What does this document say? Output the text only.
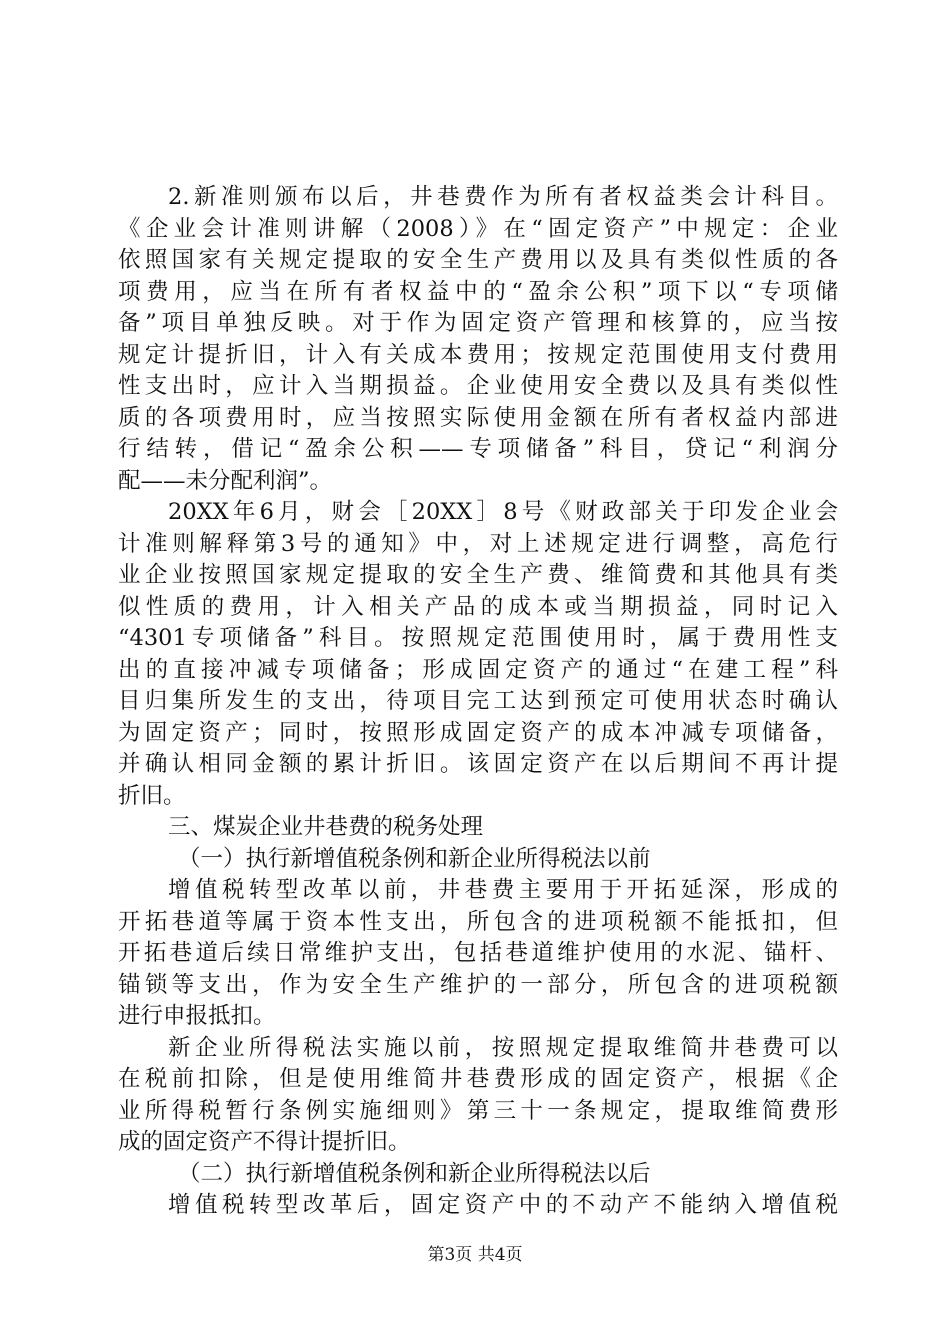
2.新准则颁布以后，井巷费作为所有者权益类会计科目。
《企业会计准则讲解（2008）》在“固定资产”中规定：企业
依照国家有关规定提取的安全生产费用以及具有类似性质的各
项费用，应当在所有者权益中的“盈余公积”项下以“专项储
备”项目单独反映。对于作为固定资产管理和核算的，应当按
规定计提折旧，计入有关成本费用；按规定范围使用支付费用
性支出时，应计入当期损益。企业使用安全费以及具有类似性
质的各项费用时，应当按照实际使用金额在所有者权益内部进
行结转，借记“盈余公积——专项储备”科目，贷记“利润分
配——未分配利润”。
20XX年6月，财会［20XX］8号《财政部关于印发企业会
计准则解释第3号的通知》中，对上述规定进行调整，高危行
业企业按照国家规定提取的安全生产费、维简费和其他具有类
似性质的费用，计入相关产品的成本或当期损益，同时记入
“4301专项储备”科目。按照规定范围使用时，属于费用性支
出的直接冲减专项储备；形成固定资产的通过“在建工程”科
目归集所发生的支出，待项目完工达到预定可使用状态时确认
为固定资产；同时，按照形成固定资产的成本冲减专项储备，
并确认相同金额的累计折旧。该固定资产在以后期间不再计提
折旧。
三、煤炭企业井巷费的税务处理
（一）执行新增值税条例和新企业所得税法以前
增值税转型改革以前，井巷费主要用于开拓延深，形成的
开拓巷道等属于资本性支出，所包含的进项税额不能抵扣，但
开拓巷道后续日常维护支出，包括巷道维护使用的水泥、锚杆、
锚锁等支出，作为安全生产维护的一部分，所包含的进项税额
进行申报抵扣。
新企业所得税法实施以前，按照规定提取维简井巷费可以
在税前扣除，但是使用维简井巷费形成的固定资产，根据《企
业所得税暂行条例实施细则》第三十一条规定，提取维简费形
成的固定资产不得计提折旧。
（二）执行新增值税条例和新企业所得税法以后
增值税转型改革后，固定资产中的不动产不能纳入增值税
第3页 共4页
